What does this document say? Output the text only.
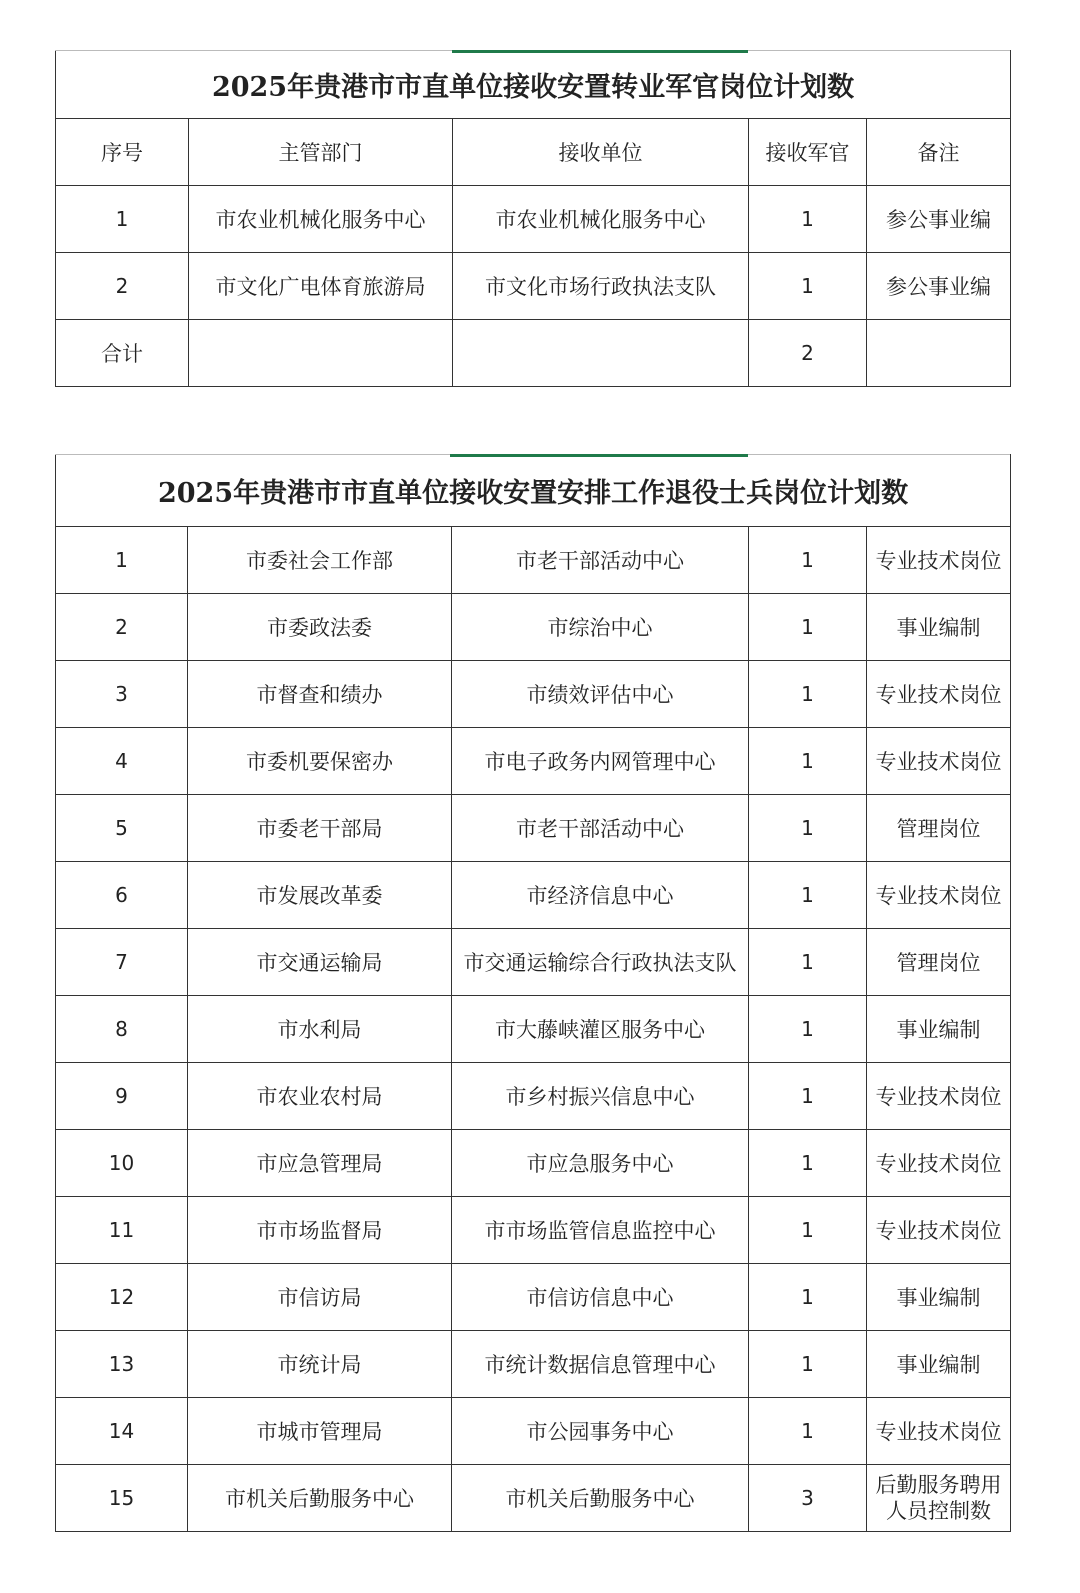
2025年贵港市市直单位接收安置转业军官岗位计划数				
序号	主管部门	接收单位	接收军官	备注
1	市农业机械化服务中心	市农业机械化服务中心	1	参公事业编
2	市文化广电体育旅游局	市文化市场行政执法支队	1	参公事业编
合计			2	
2025年贵港市市直单位接收安置安排工作退役士兵岗位计划数				
1	市委社会工作部	市老干部活动中心	1	专业技术岗位
2	市委政法委	市综治中心	1	事业编制
3	市督查和绩办	市绩效评估中心	1	专业技术岗位
4	市委机要保密办	市电子政务内网管理中心	1	专业技术岗位
5	市委老干部局	市老干部活动中心	1	管理岗位
6	市发展改革委	市经济信息中心	1	专业技术岗位
7	市交通运输局	市交通运输综合行政执法支队	1	管理岗位
8	市水利局	市大藤峡灌区服务中心	1	事业编制
9	市农业农村局	市乡村振兴信息中心	1	专业技术岗位
10	市应急管理局	市应急服务中心	1	专业技术岗位
11	市市场监督局	市市场监管信息监控中心	1	专业技术岗位
12	市信访局	市信访信息中心	1	事业编制
13	市统计局	市统计数据信息管理中心	1	事业编制
14	市城市管理局	市公园事务中心	1	专业技术岗位
15	市机关后勤服务中心	市机关后勤服务中心	3	后勤服务聘用人员控制数
